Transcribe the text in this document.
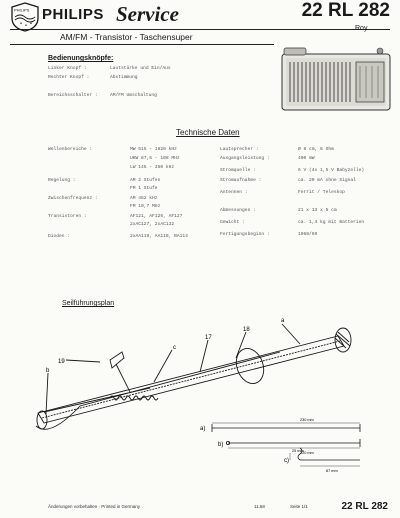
PHILIPS PHILIPS Service	22 RL 282
Roy
AM/FM - Transistor - Taschensuper
Bedienungsknöpfe:
Linker Knopf :	Lautstärke und Ein/Aus
Rechter Knopf :	Abstimmung
Bereichsschalter :	AM/FM Umschaltung
Technische Daten
Wellenbereiche :	MW 515 - 1620 kHz
UKW 87,5 - 108 MHz
LW 145 - 350 kHz
Regelung :	AM 2 Stufen
FM 1 Stufe
Zwischenfrequenz :	AM 452 kHz
FM 10,7 MHz
Transistoren :	AF121, AF126, AF127
2xAC127, 2xAC132
Dioden :	2xAA119, AA119, BA114
Lautsprecher :	Ø 8 cm, 8 Ohm
Ausgangsleistung :	400 mW
Stromquelle :	6 V (4x 1,5 V Babyzelle)
Stromaufnahme :	ca. 20 mA ohne Signal
Antennen :	Ferrit / Teleskop
Abmessungen :	21 x 13 x 5 cm
Gewicht :	ca. 1,4 kg mit Batterien
Fertigungsbeginn :	1968/69
Seilführungsplan
a
b
c
17
18
19
a)
230 mm
b)
220 mm
c)
25 mm
87 mm
Änderungen vorbehalten · Printed in Germany	11.68	Seite 1/1	22 RL 282
